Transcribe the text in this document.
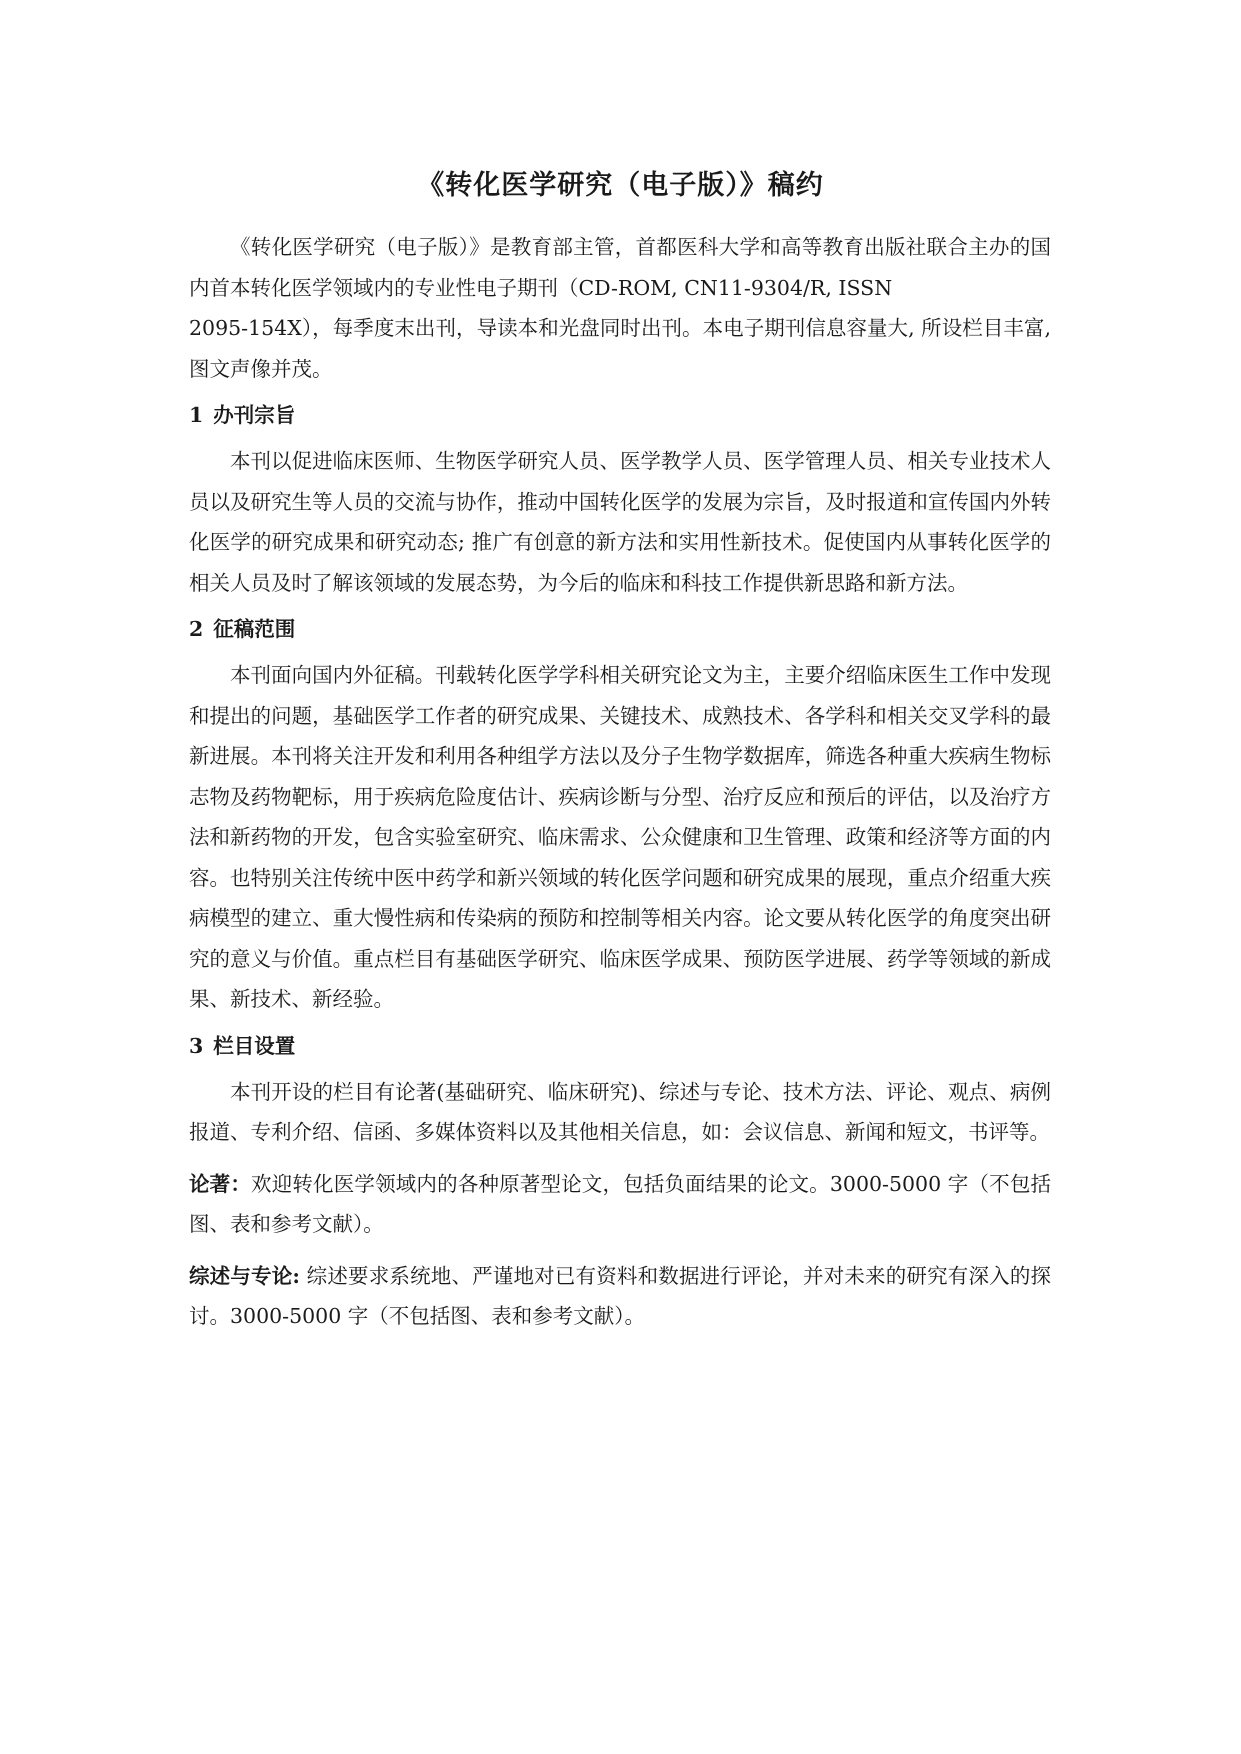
《转化医学研究（电子版）》稿约

《转化医学研究（电子版）》是教育部主管，首都医科大学和高等教育出版社联合主办的国内首本转化医学领域内的专业性电子期刊（CD-ROM, CN11-9304/R, ISSN
2095-154X），每季度末出刊，导读本和光盘同时出刊。本电子期刊信息容量大, 所设栏目丰富, 图文声像并茂。

1 办刊宗旨

本刊以促进临床医师、生物医学研究人员、医学教学人员、医学管理人员、相关专业技术人员以及研究生等人员的交流与协作，推动中国转化医学的发展为宗旨，及时报道和宣传国内外转化医学的研究成果和研究动态; 推广有创意的新方法和实用性新技术。促使国内从事转化医学的相关人员及时了解该领域的发展态势，为今后的临床和科技工作提供新思路和新方法。

2 征稿范围

本刊面向国内外征稿。刊载转化医学学科相关研究论文为主，主要介绍临床医生工作中发现和提出的问题，基础医学工作者的研究成果、关键技术、成熟技术、各学科和相关交叉学科的最新进展。本刊将关注开发和利用各种组学方法以及分子生物学数据库，筛选各种重大疾病生物标志物及药物靶标，用于疾病危险度估计、疾病诊断与分型、治疗反应和预后的评估，以及治疗方法和新药物的开发，包含实验室研究、临床需求、公众健康和卫生管理、政策和经济等方面的内容。也特别关注传统中医中药学和新兴领域的转化医学问题和研究成果的展现，重点介绍重大疾病模型的建立、重大慢性病和传染病的预防和控制等相关内容。论文要从转化医学的角度突出研究的意义与价值。重点栏目有基础医学研究、临床医学成果、预防医学进展、药学等领域的新成果、新技术、新经验。

3 栏目设置

本刊开设的栏目有论著(基础研究、临床研究)、综述与专论、技术方法、评论、观点、病例报道、专利介绍、信函、多媒体资料以及其他相关信息，如：会议信息、新闻和短文，书评等。

论著：欢迎转化医学领域内的各种原著型论文，包括负面结果的论文。3000-5000 字（不包括图、表和参考文献）。

综述与专论: 综述要求系统地、严谨地对已有资料和数据进行评论，并对未来的研究有深入的探讨。3000-5000 字（不包括图、表和参考文献）。
